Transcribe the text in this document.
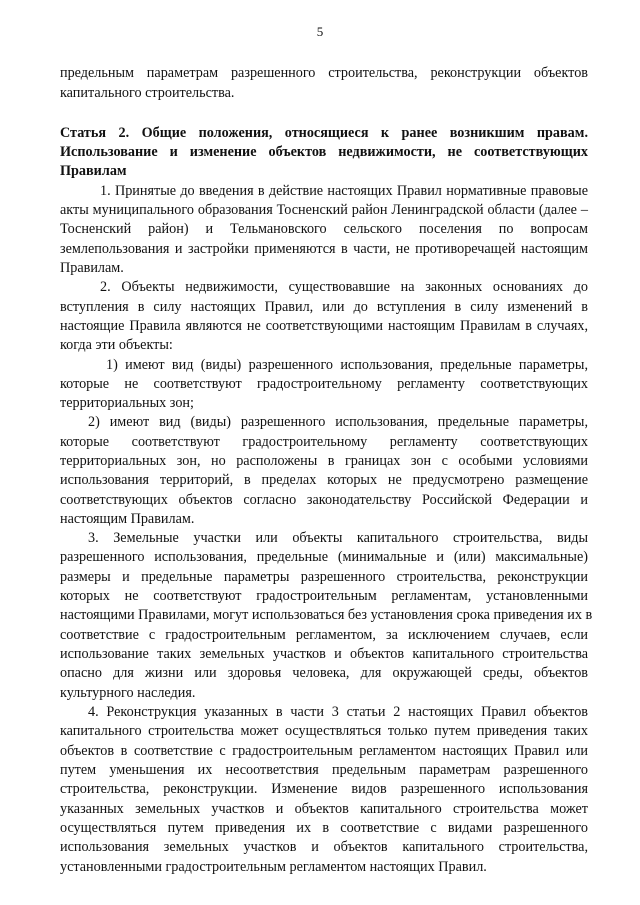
5
предельным параметрам разрешенного строительства, реконструкции объектов
капитального строительства.
Статья 2. Общие положения, относящиеся к ранее возникшим правам.
Использование и изменение объектов недвижимости, не соответствующих
Правилам
1. Принятые до введения в действие настоящих Правил нормативные правовые
акты муниципального образования Тосненский район Ленинградской области (далее –
Тосненский район) и Тельмановского сельского поселения по вопросам
землепользования и застройки применяются в части, не противоречащей настоящим
Правилам.
2. Объекты недвижимости, существовавшие на законных основаниях до
вступления в силу настоящих Правил, или до вступления в силу изменений в
настоящие Правила являются не соответствующими настоящим Правилам в случаях,
когда эти объекты:
1) имеют вид (виды) разрешенного использования, предельные параметры,
которые не соответствуют градостроительному регламенту соответствующих
территориальных зон;
2) имеют вид (виды) разрешенного использования, предельные параметры,
которые соответствуют градостроительному регламенту соответствующих
территориальных зон, но расположены в границах зон с особыми условиями
использования территорий, в пределах которых не предусмотрено размещение
соответствующих объектов согласно законодательству Российской Федерации и
настоящим Правилам.
3. Земельные участки или объекты капитального строительства, виды
разрешенного использования, предельные (минимальные и (или) максимальные)
размеры и предельные параметры разрешенного строительства, реконструкции
которых не соответствуют градостроительным регламентам, установленными
настоящими Правилами, могут использоваться без установления срока приведения их в
соответствие с градостроительным регламентом, за исключением случаев, если
использование таких земельных участков и объектов капитального строительства
опасно для жизни или здоровья человека, для окружающей среды, объектов
культурного наследия.
4. Реконструкция указанных в части 3 статьи 2 настоящих Правил объектов
капитального строительства может осуществляться только путем приведения таких
объектов в соответствие с градостроительным регламентом настоящих Правил или
путем уменьшения их несоответствия предельным параметрам разрешенного
строительства, реконструкции. Изменение видов разрешенного использования
указанных земельных участков и объектов капитального строительства может
осуществляться путем приведения их в соответствие с видами разрешенного
использования земельных участков и объектов капитального строительства,
установленными градостроительным регламентом настоящих Правил.
